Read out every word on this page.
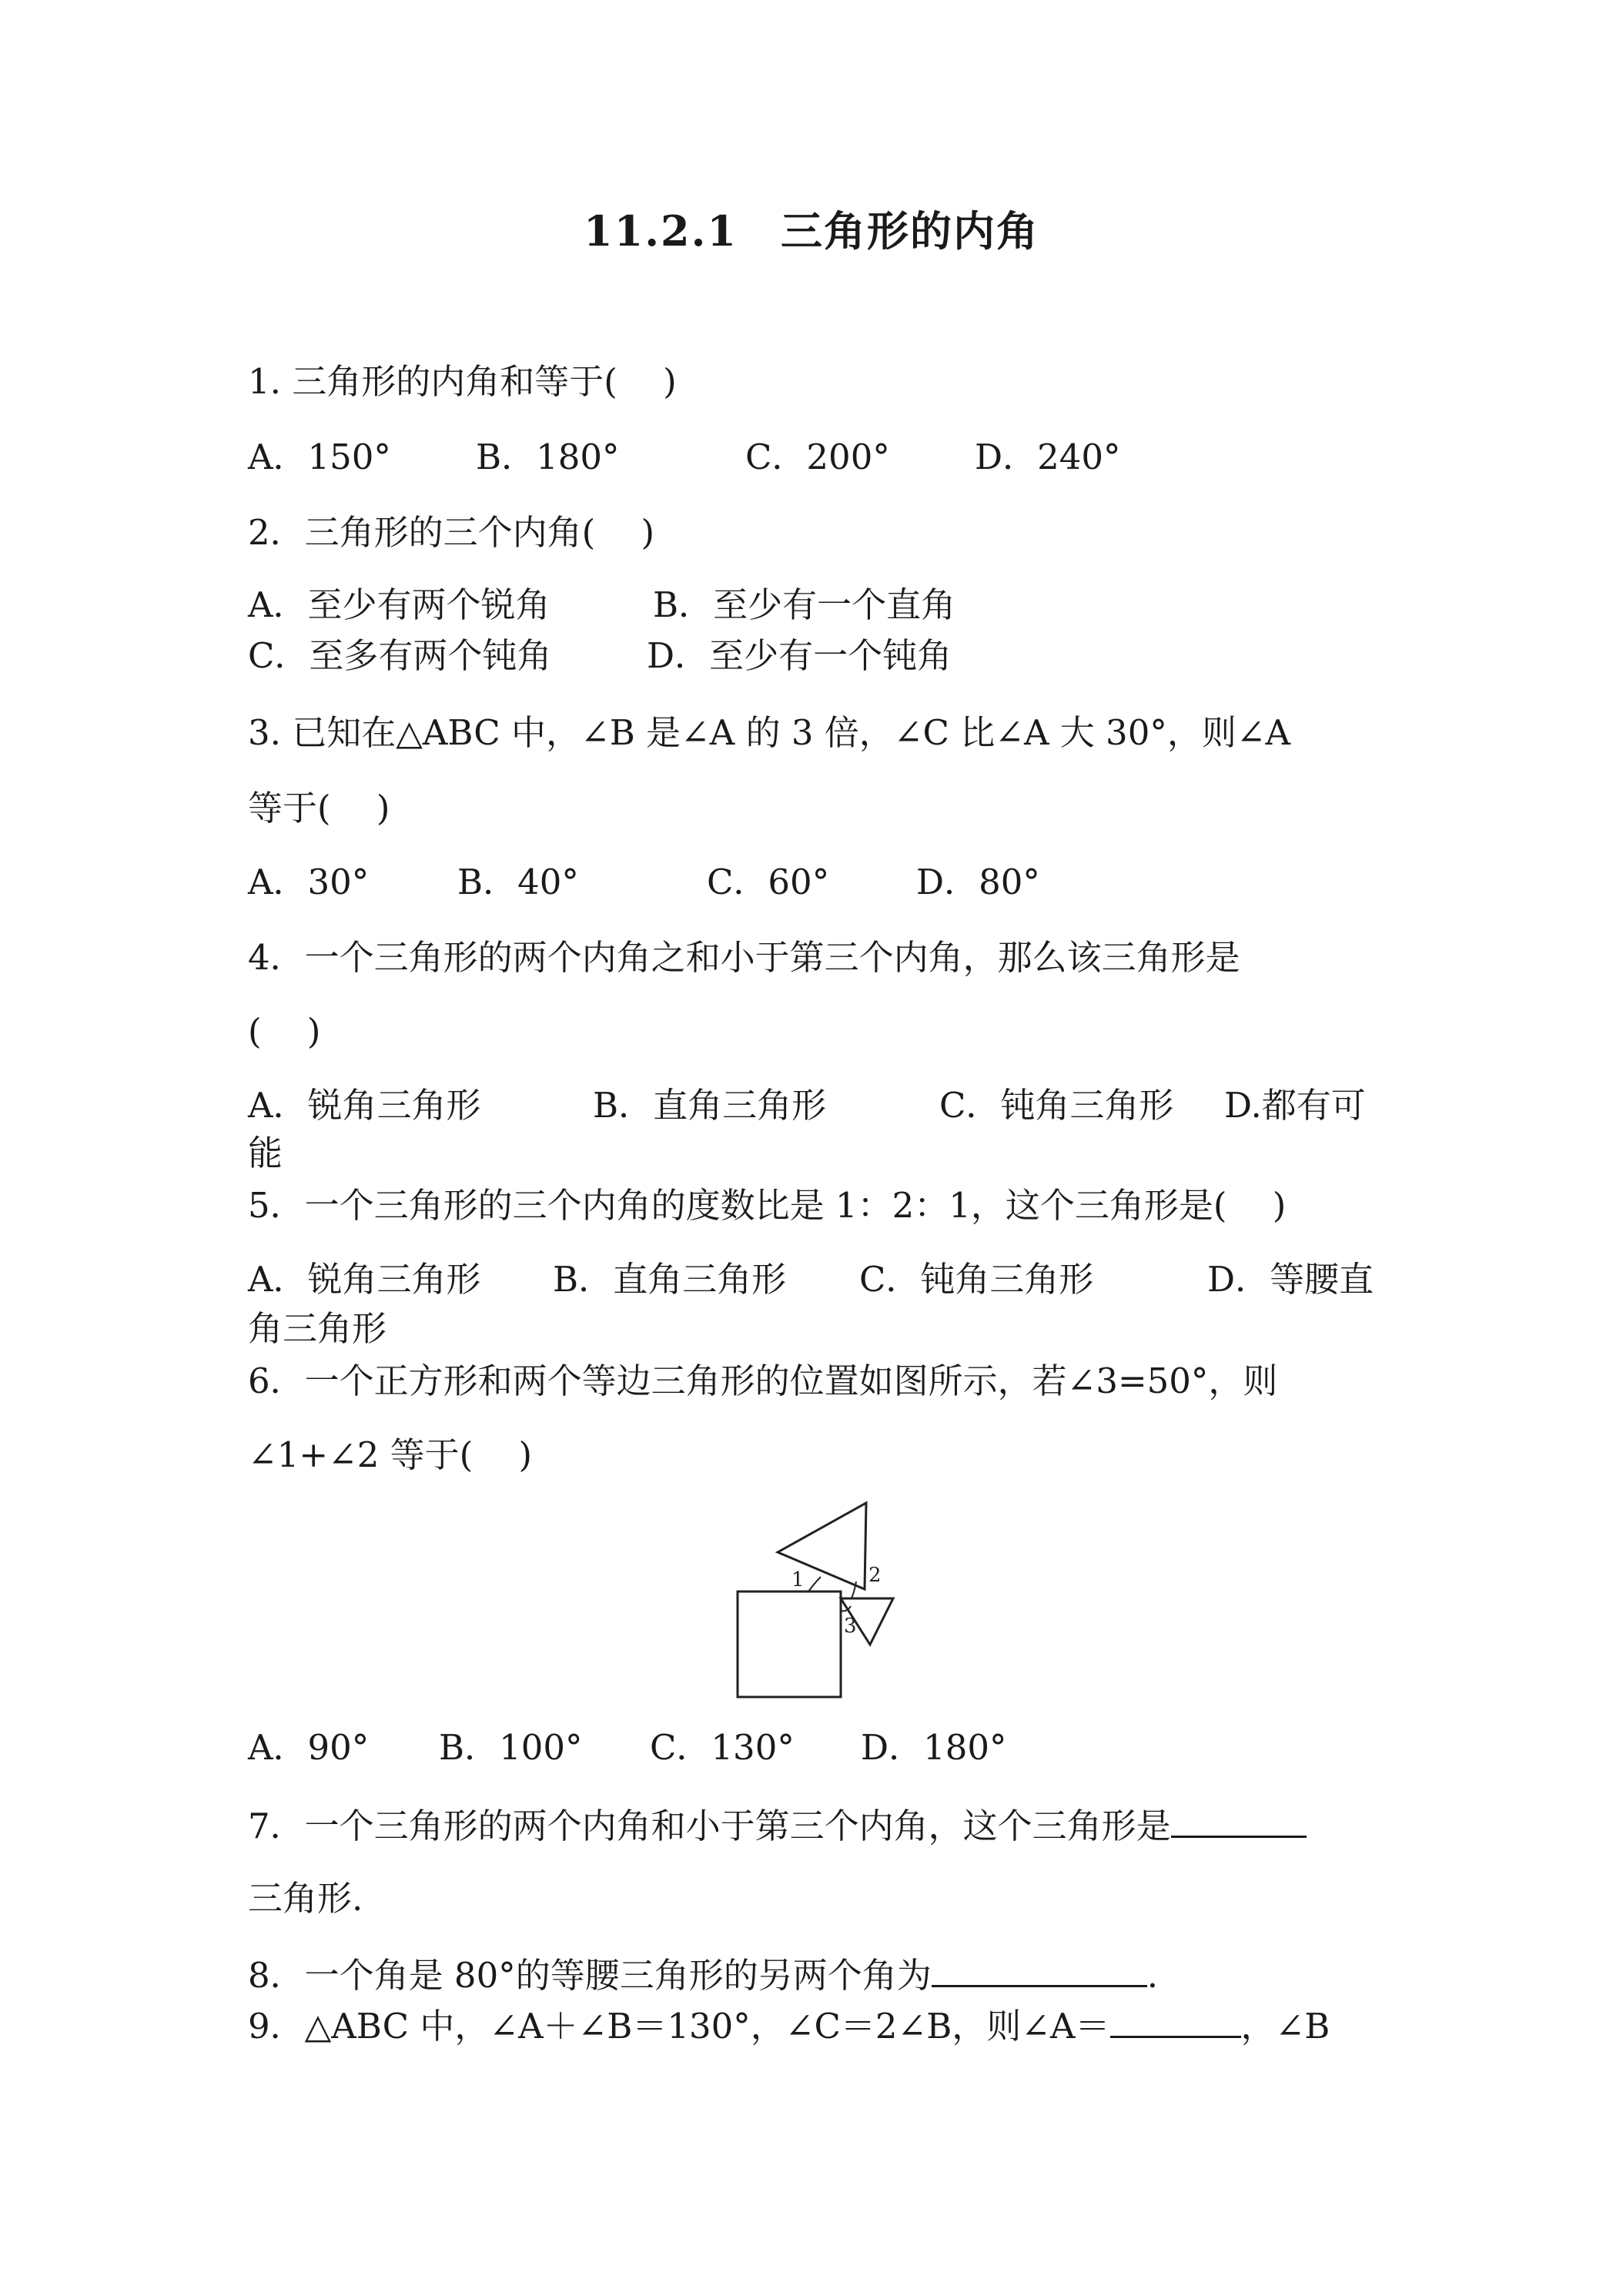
11.2.1　三角形的内角
1. 三角形的内角和等于(　 )
A．150° B．180°	C．200° D．240°
2．三角形的三个内角(　 )
A．至少有两个锐角	B．至少有一个直角
C．至多有两个钝角	D．至少有一个钝角
3. 已知在△ABC 中，∠B 是∠A 的 3 倍，∠C 比∠A 大 30°，则∠A
等于(　 )
A．30°	B．40°	C．60°	D．80°
4．一个三角形的两个内角之和小于第三个内角，那么该三角形是
(　 )
A．锐角三角形	B．直角三角形	C．钝角三角形 D.都有可
能
5．一个三角形的三个内角的度数比是 1：2：1，这个三角形是(　 )
A．锐角三角形 B．直角三角形 C．钝角三角形	D．等腰直
角三角形
6．一个正方形和两个等边三角形的位置如图所示，若∠3=50°，则
∠1+∠2 等于(　 )
1	2
3
A．90° B．100° C．130° D．180°
7．一个三角形的两个内角和小于第三个内角，这个三角形是
三角形.
8．一个角是 80°的等腰三角形的另两个角为	.
9．△ABC 中，∠A＋∠B＝130°，∠C＝2∠B，则∠A＝	，∠B
